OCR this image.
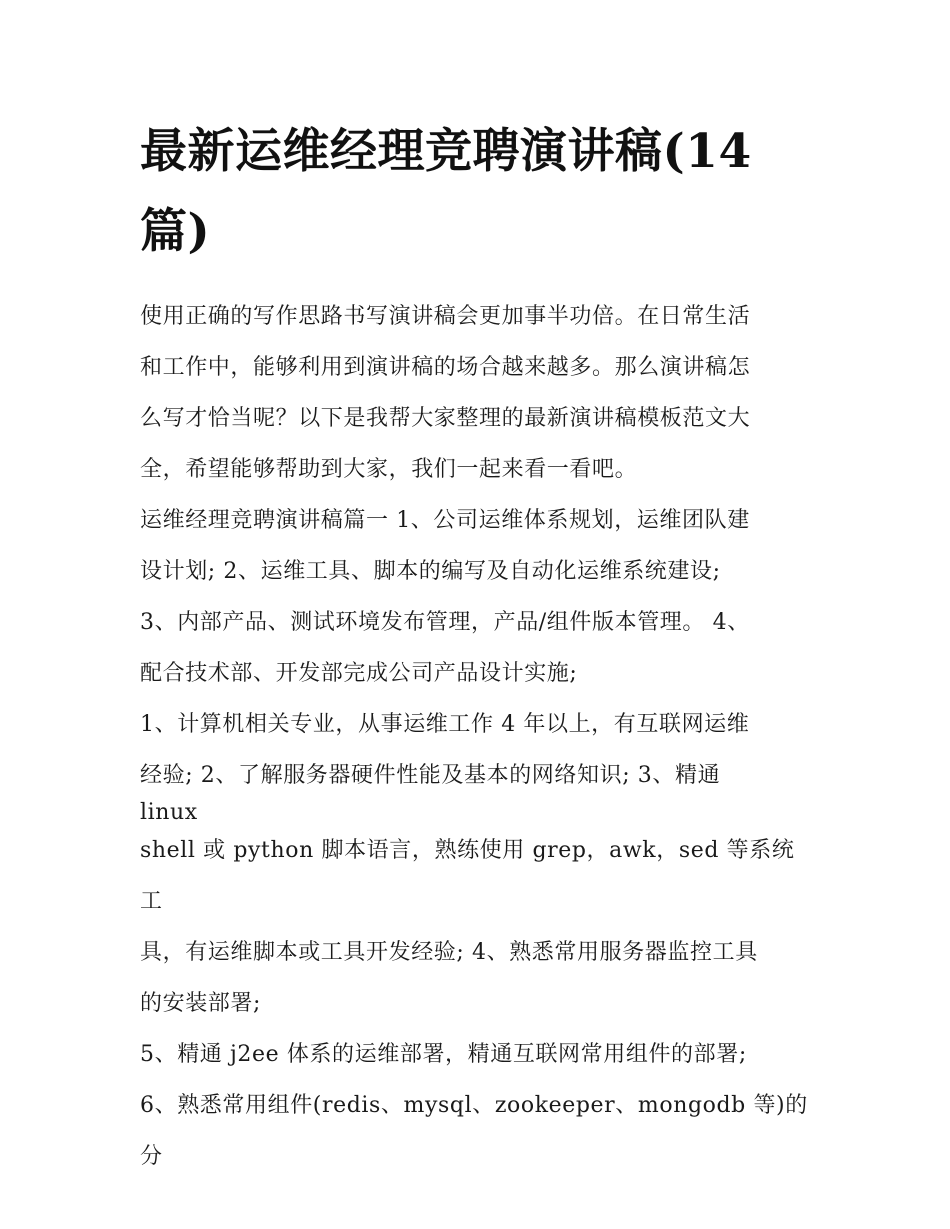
最新运维经理竞聘演讲稿(14
篇)

使用正确的写作思路书写演讲稿会更加事半功倍。在日常生活
和工作中，能够利用到演讲稿的场合越来越多。那么演讲稿怎
么写才恰当呢？以下是我帮大家整理的最新演讲稿模板范文大
全，希望能够帮助到大家，我们一起来看一看吧。

运维经理竞聘演讲稿篇一 1、公司运维体系规划，运维团队建
设计划; 2、运维工具、脚本的编写及自动化运维系统建设;
3、内部产品、测试环境发布管理，产品/组件版本管理。 4、
配合技术部、开发部完成公司产品设计实施;

1、计算机相关专业，从事运维工作 4 年以上，有互联网运维
经验; 2、了解服务器硬件性能及基本的网络知识; 3、精通
linux

shell 或 python 脚本语言，熟练使用 grep，awk，sed 等系统工
具，有运维脚本或工具开发经验; 4、熟悉常用服务器监控工具
的安装部署;

5、精通 j2ee 体系的运维部署，精通互联网常用组件的部署;

6、熟悉常用组件(redis、mysql、zookeeper、mongodb 等)的分
